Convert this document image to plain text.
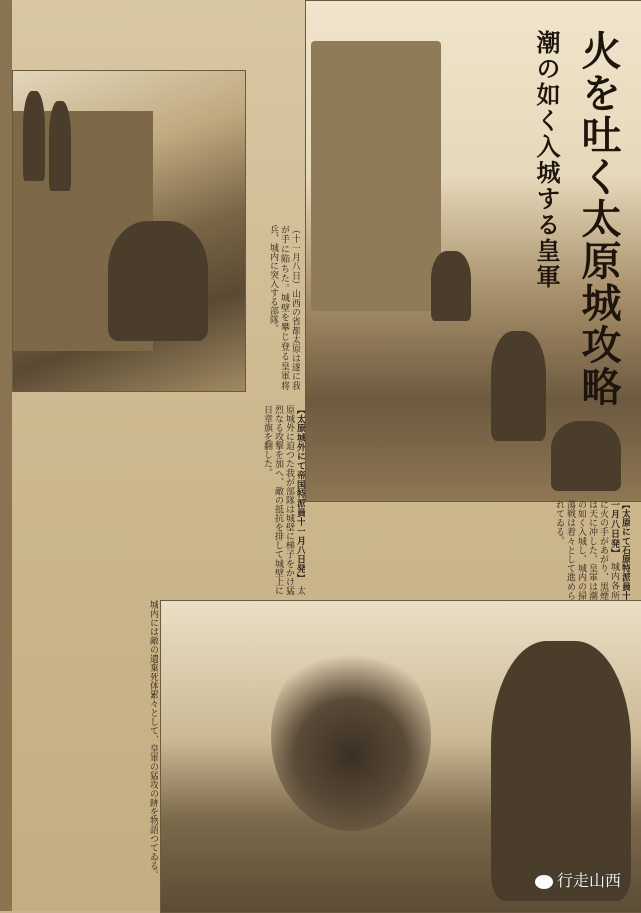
火を吐く太原城攻略
潮の如く入城する皇軍
（十一月八日）山西の省都太原は遂に我が手に陥ちた。城壁を攀じ登る皇軍将兵、城内に突入する部隊。
【太原城外にて帝国特派員十一月八日発】 太原城外に迫つた我が部隊は城壁に梯子をかけ猛烈なる攻撃を加へ、敵の抵抗を排して城壁上に日章旗を翻した。
【太原にて石原特派員十一月八日発】 城内各所に火の手があがり、黒煙は天に冲した。皇軍は潮の如く入城し、城内の掃蕩戦は着々として進められてゐる。
城内には敵の遺棄死体累々として、皇軍の猛攻の跡を物語つてゐる。
行走山西
